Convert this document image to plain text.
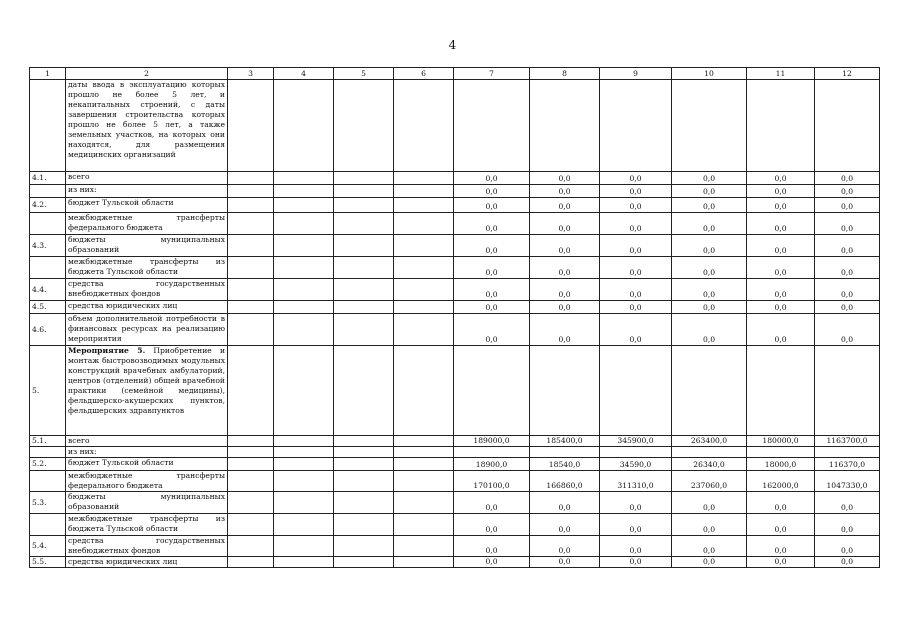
4
1	2	3	4	5	6	7	8	9	10	11	12
	даты ввода в эксплуатацию которых прошло не более 5 лет, и некапитальных строений, с даты завершения строительства которых прошло не более 5 лет, а также земельных участков, на которых они находятся, для размещения медицинских организаций										
4.1.	всего					0,0	0,0	0,0	0,0	0,0	0,0
	из них:					0,0	0,0	0,0	0,0	0,0	0,0
4.2.	бюджет Тульской области					0,0	0,0	0,0	0,0	0,0	0,0
	межбюджетные трансферты федерального бюджета					0,0	0,0	0,0	0,0	0,0	0,0
4.3.	бюджеты муниципальных образований					0,0	0,0	0,0	0,0	0,0	0,0
	межбюджетные трансферты из бюджета Тульской области					0,0	0,0	0,0	0,0	0,0	0,0
4.4.	средства государственных внебюджетных фондов					0,0	0,0	0,0	0,0	0,0	0,0
4.5.	средства юридических лиц					0,0	0,0	0,0	0,0	0,0	0,0
4.6.	объем дополнительной потребности в финансовых ресурсах на реализацию мероприятия					0,0	0,0	0,0	0,0	0,0	0,0
5.	Мероприятие 5. Приобретение и монтаж быстровозводимых модульных конструкций врачебных амбулаторий, центров (отделений) общей врачебной практики (семейной медицины), фельдшерско-акушерских пунктов, фельдшерских здравпунктов										
5.1.	всего					189000,0	185400,0	345900,0	263400,0	180000,0	1163700,0
	из них:										
5.2.	бюджет Тульской области					18900,0	18540,0	34590,0	26340,0	18000,0	116370,0
	межбюджетные трансферты федерального бюджета					170100,0	166860,0	311310,0	237060,0	162000,0	1047330,0
5.3.	бюджеты муниципальных образований					0,0	0,0	0,0	0,0	0,0	0,0
	межбюджетные трансферты из бюджета Тульской области					0,0	0,0	0,0	0,0	0,0	0,0
5.4.	средства государственных внебюджетных фондов					0,0	0,0	0,0	0,0	0,0	0,0
5.5.	средства юридических лиц					0,0	0,0	0,0	0,0	0,0	0,0
